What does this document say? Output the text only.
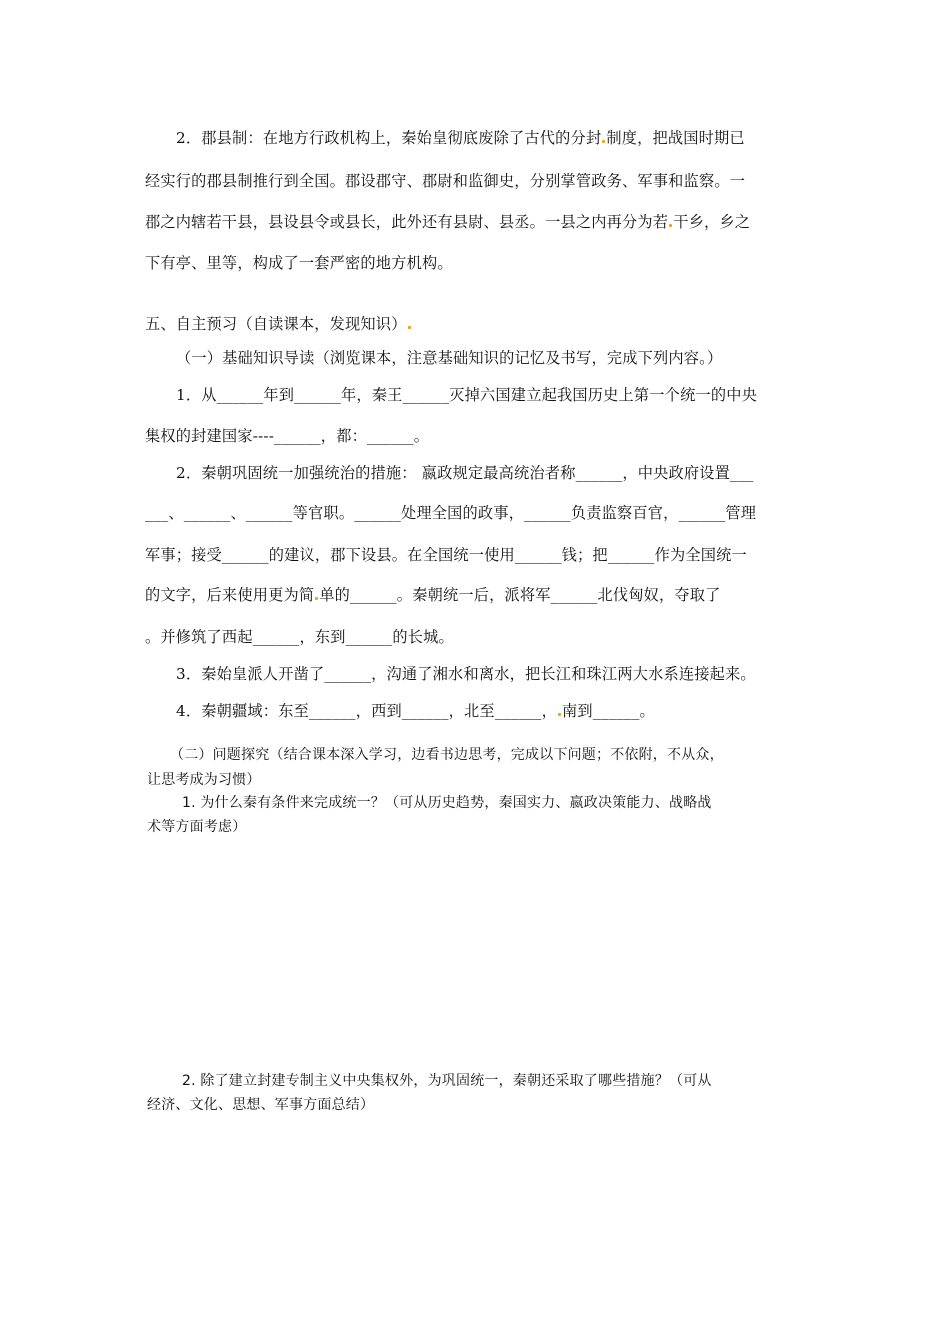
2．郡县制：在地方行政机构上，秦始皇彻底废除了古代的分封 制度，把战国时期已
经实行的郡县制推行到全国。郡设郡守、郡尉和监御史，分别掌管政务、军事和监察。一
郡之内辖若干县，县设县令或县长，此外还有县尉、县丞。一县之内再分为若 干乡，乡之
下有亭、里等，构成了一套严密的地方机构。
五、自主预习（自读课本，发现知识）
（一）基础知识导读（浏览课本，注意基础知识的记忆及书写，完成下列内容。）
1．从______年到______年，秦王______灭掉六国建立起我国历史上第一个统一的中央
集权的封建国家----______，都：______。
2．秦朝巩固统一加强统治的措施： 嬴政规定最高统治者称______，中央政府设置___
___、______、______等官职。______处理全国的政事，______负责监察百官，______管理
军事；接受______的建议，郡下设县。在全国统一使用______钱；把______作为全国统一
的文字，后来使用更为简 单的______。秦朝统一后，派将军______北伐匈奴，夺取了
。并修筑了西起______，东到______的长城。
3．秦始皇派人开凿了______，沟通了湘水和离水，把长江和珠江两大水系连接起来。
4．秦朝疆域：东至______，西到______，北至______， 南到______。
（二）问题探究（结合课本深入学习，边看书边思考，完成以下问题；不依附，不从众，
让思考成为习惯）
1. 为什么秦有条件来完成统一？（可从历史趋势，秦国实力、嬴政决策能力、战略战
术等方面考虑）
2. 除了建立封建专制主义中央集权外，为巩固统一，秦朝还采取了哪些措施？（可从
经济、文化、思想、军事方面总结）
